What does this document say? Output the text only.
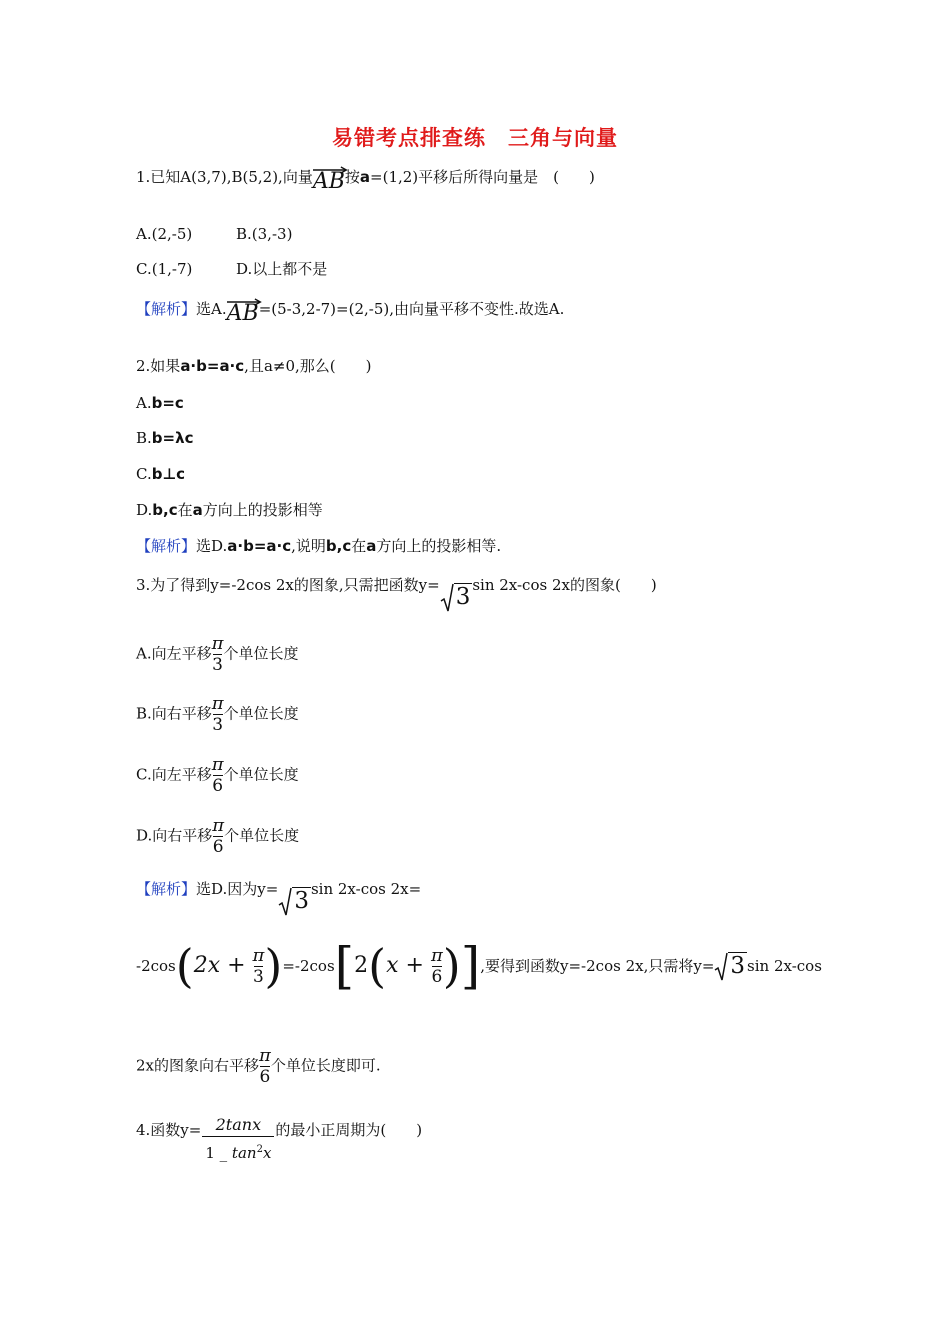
易错考点排查练　三角与向量
1.已知A(3,7),B(5,2),向量
AB按a=(1,2)平移后所得向量是　(　　)
A.(2,-5)	B.(3,-3)
C.(1,-7)	D.以上都不是
【解析】选A.
AB=(5-3,2-7)=(2,-5),由向量平移不变性.故选A.
2.如果a·b=a·c,且a≠0,那么(　　)
A.b=c
B.b=λc
C.b⊥c
D.b,c在a方向上的投影相等
【解析】选D.a·b=a·c,说明b,c在a方向上的投影相等.
3.为了得到y=-2cos 2x的图象,只需把函数y= 3 sin 2x-cos 2x的图象(　　)
A.向左平移 $\frac{\pi}{3}$ 个单位长度
B.向右平移 $\frac{\pi}{3}$ 个单位长度
C.向左平移 $\frac{\pi}{6}$ 个单位长度
D.向右平移 $\frac{\pi}{6}$ 个单位长度
【解析】选D.因为y= 3 sin 2x-cos 2x=
$-2\cos(2x + \frac{\pi}{3} )=-2\cos[2(x + \frac{\pi}{6}$ )],要得到函数y=-2cos 2x,只需将y= 3 sin 2x-cos
2x的图象向右平移 $\frac{\pi}{6}$ 个单位长度即可.
4.函数$y= \frac{2\tan x}{1 \_ \tan^2x}$ 的最小正周期为(　　)
